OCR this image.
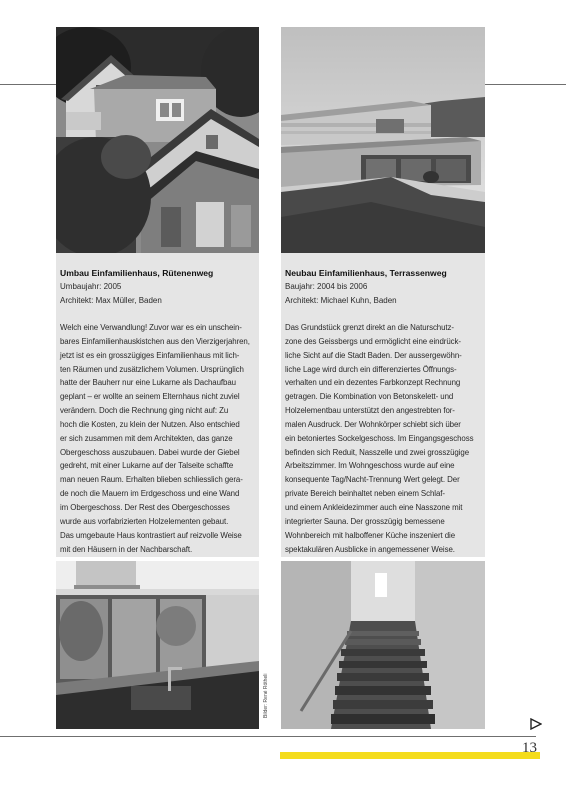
Umbau Einfamilienhaus, Rütenenweg

Umbaujahr: 2005

Architekt: Max Müller, Baden

Welch eine Verwandlung! Zuvor war es ein unschein-
bares Einfamilienhauskistchen aus den Vierzigerjahren,
jetzt ist es ein grosszügiges Einfamilienhaus mit lich-
ten Räumen und zusätzlichem Volumen. Ursprünglich
hatte der Bauherr nur eine Lukarne als Dachaufbau
geplant – er wollte an seinem Elternhaus nicht zuviel
verändern. Doch die Rechnung ging nicht auf: Zu
hoch die Kosten, zu klein der Nutzen. Also entschied
er sich zusammen mit dem Architekten, das ganze
Obergeschoss auszubauen. Dabei wurde der Giebel
gedreht, mit einer Lukarne auf der Talseite schaffte
man neuen Raum. Erhalten blieben schliesslich gera-
de noch die Mauern im Erdgeschoss und eine Wand
im Obergeschoss. Der Rest des Obergeschosses
wurde aus vorfabrizierten Holzelementen gebaut.
Das umgebaute Haus kontrastiert auf reizvolle Weise
mit den Häusern in der Nachbarschaft.

Neubau Einfamilienhaus, Terrassenweg

Baujahr: 2004 bis 2006

Architekt: Michael Kuhn, Baden

Das Grundstück grenzt direkt an die Naturschutz-
zone des Geissbergs und ermöglicht eine eindrück-
liche Sicht auf die Stadt Baden. Der aussergewöhn-
liche Lage wird durch ein differenziertes Öffnungs-
verhalten und ein dezentes Farbkonzept Rechnung
getragen. Die Kombination von Betonskelett- und
Holzelementbau unterstützt den angestrebten for-
malen Ausdruck. Der Wohnkörper schiebt sich über
ein betoniertes Sockelgeschoss. Im Eingangsgeschoss
befinden sich Reduit, Nasszelle und zwei grosszügige
Arbeitszimmer. Im Wohngeschoss wurde auf eine
konsequente Tag/Nacht-Trennung Wert gelegt. Der
private Bereich beinhaltet neben einem Schlaf-
und einem Ankleidezimmer auch eine Nasszone mit
integrierter Sauna. Der grosszügig bemessene
Wohnbereich mit halboffener Küche inszeniert die
spektakulären Ausblicke in angemessener Weise.
Bilder: René Rötheli
13
